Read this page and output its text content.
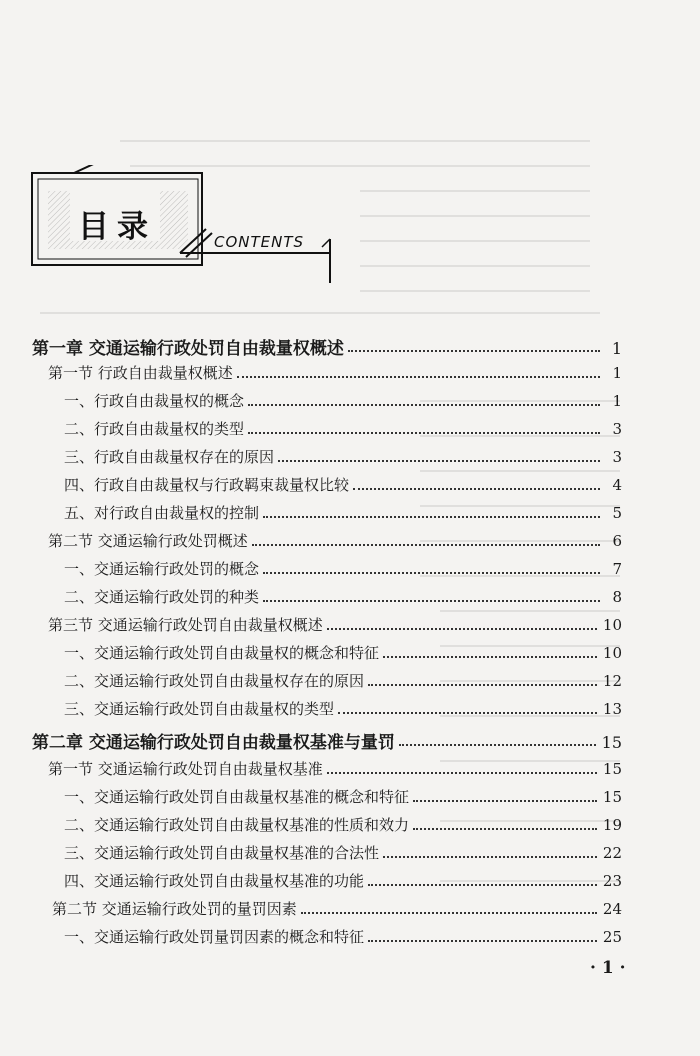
目录	CONTENTS
第一章 交通运输行政处罚自由裁量权概述	1
第一节 行政自由裁量权概述	1
一、行政自由裁量权的概念	1
二、行政自由裁量权的类型	3
三、行政自由裁量权存在的原因	3
四、行政自由裁量权与行政羁束裁量权比较	4
五、对行政自由裁量权的控制	5
第二节 交通运输行政处罚概述	6
一、交通运输行政处罚的概念	7
二、交通运输行政处罚的种类	8
第三节 交通运输行政处罚自由裁量权概述	10
一、交通运输行政处罚自由裁量权的概念和特征	10
二、交通运输行政处罚自由裁量权存在的原因	12
三、交通运输行政处罚自由裁量权的类型	13
第二章 交通运输行政处罚自由裁量权基准与量罚	15
第一节 交通运输行政处罚自由裁量权基准	15
一、交通运输行政处罚自由裁量权基准的概念和特征	15
二、交通运输行政处罚自由裁量权基准的性质和效力	19
三、交通运输行政处罚自由裁量权基准的合法性	22
四、交通运输行政处罚自由裁量权基准的功能	23
第二节 交通运输行政处罚的量罚因素	24
一、交通运输行政处罚量罚因素的概念和特征	25
· 1 ·
